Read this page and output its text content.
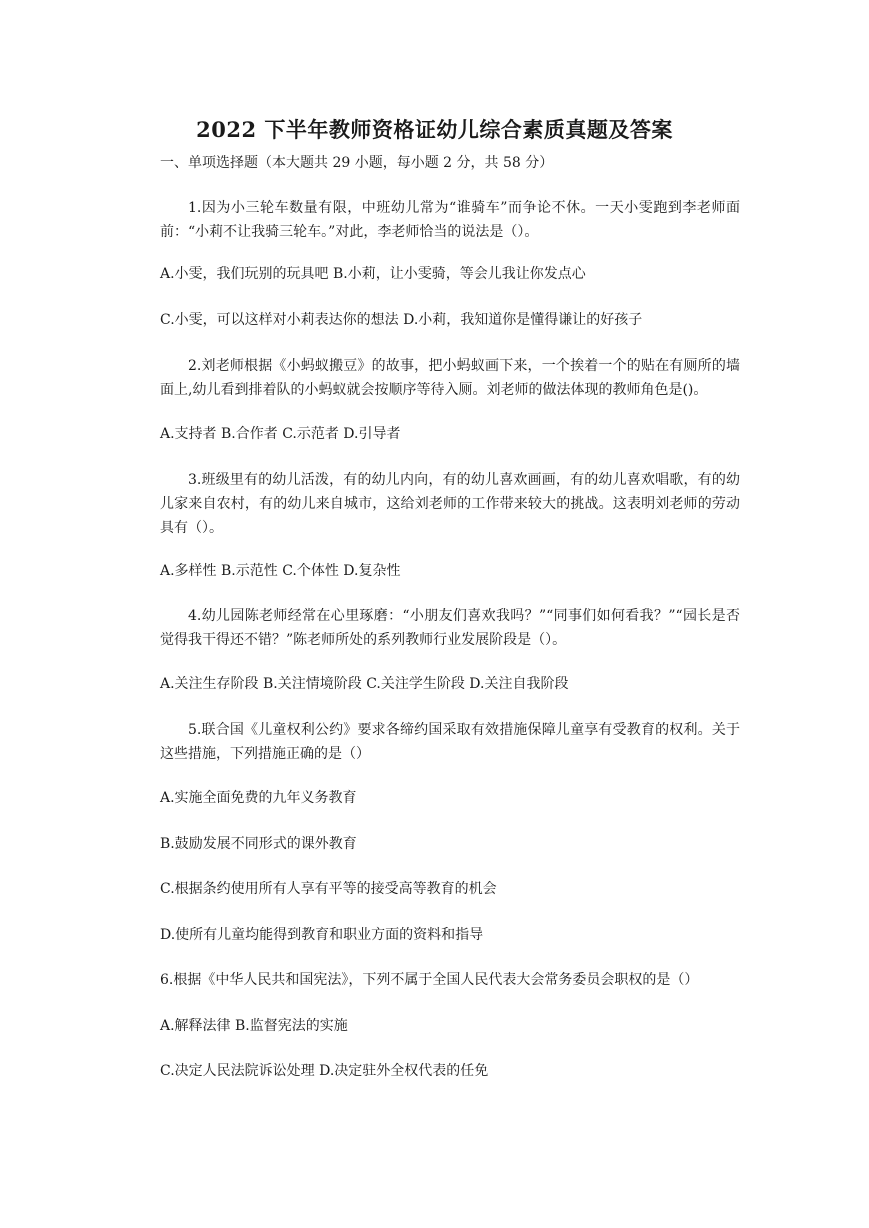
2022 下半年教师资格证幼儿综合素质真题及答案
一、单项选择题（本大题共 29 小题，每小题 2 分，共 58 分）
1.因为小三轮车数量有限，中班幼儿常为“谁骑车”而争论不休。一天小雯跑到李老师面前：“小莉不让我骑三轮车。”对此，李老师恰当的说法是（）。
A.小雯，我们玩别的玩具吧 B.小莉，让小雯骑，等会儿我让你发点心
C.小雯，可以这样对小莉表达你的想法 D.小莉，我知道你是懂得谦让的好孩子
2.刘老师根据《小蚂蚁搬豆》的故事，把小蚂蚁画下来，一个挨着一个的贴在有厕所的墙面上,幼儿看到排着队的小蚂蚁就会按顺序等待入厕。刘老师的做法体现的教师角色是()。
A.支持者 B.合作者 C.示范者 D.引导者
3.班级里有的幼儿活泼，有的幼儿内向，有的幼儿喜欢画画，有的幼儿喜欢唱歌，有的幼儿家来自农村，有的幼儿来自城市，这给刘老师的工作带来较大的挑战。这表明刘老师的劳动具有（）。
A.多样性 B.示范性 C.个体性 D.复杂性
4.幼儿园陈老师经常在心里琢磨：“小朋友们喜欢我吗？”“同事们如何看我？”“园长是否觉得我干得还不错？”陈老师所处的系列教师行业发展阶段是（）。
A.关注生存阶段 B.关注情境阶段 C.关注学生阶段 D.关注自我阶段
5.联合国《儿童权利公约》要求各缔约国采取有效措施保障儿童享有受教育的权利。关于这些措施，下列措施正确的是（）
A.实施全面免费的九年义务教育
B.鼓励发展不同形式的课外教育
C.根据条约使用所有人享有平等的接受高等教育的机会
D.使所有儿童均能得到教育和职业方面的资料和指导
6.根据《中华人民共和国宪法》，下列不属于全国人民代表大会常务委员会职权的是（）
A.解释法律 B.监督宪法的实施
C.决定人民法院诉讼处理 D.决定驻外全权代表的任免
